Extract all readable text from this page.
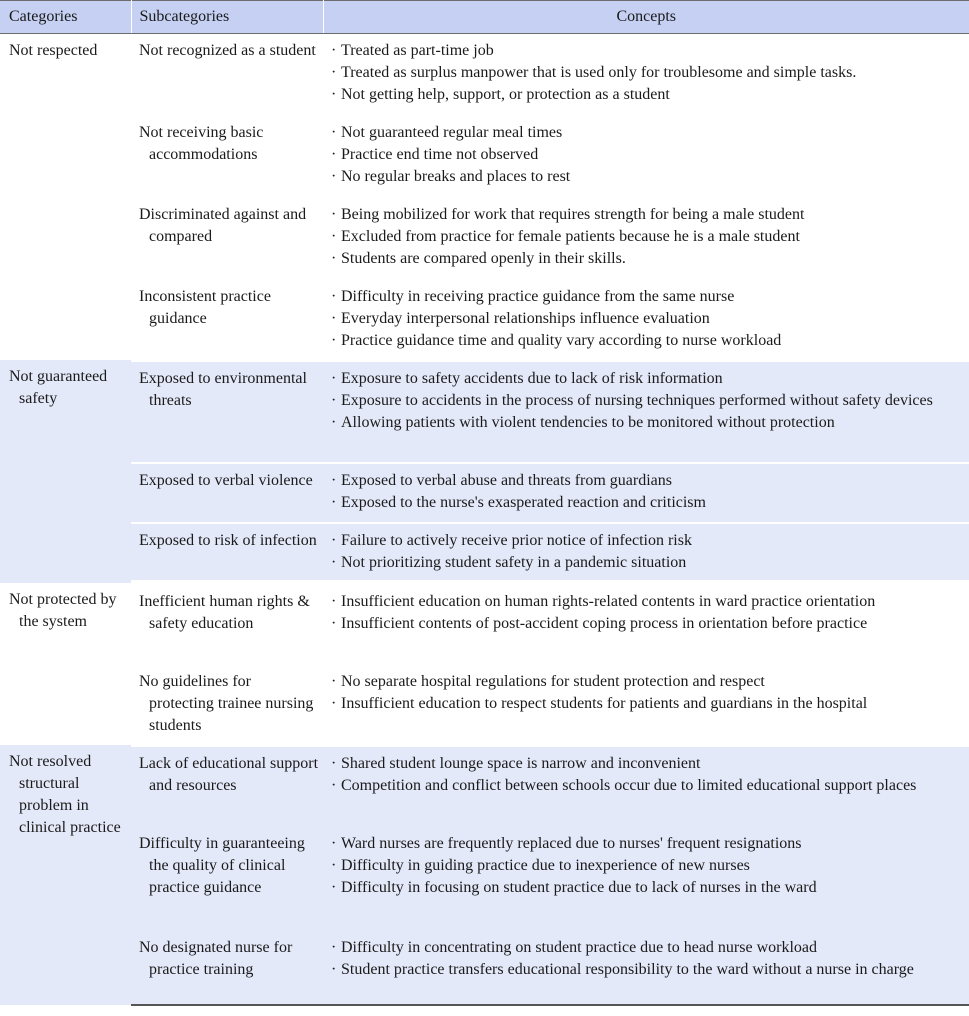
Categories	Subcategories	Concepts

Not respected	Not recognized as a student	· Treated as part-time job
· Treated as surplus manpower that is used only for troublesome and simple tasks.
· Not getting help, support, or protection as a student

	Not receiving basic accommodations	· Not guaranteed regular meal times
· Practice end time not observed
· No regular breaks and places to rest

	Discriminated against and compared	· Being mobilized for work that requires strength for being a male student
· Excluded from practice for female patients because he is a male student
· Students are compared openly in their skills.

	Inconsistent practice guidance	· Difficulty in receiving practice guidance from the same nurse
· Everyday interpersonal relationships influence evaluation
· Practice guidance time and quality vary according to nurse workload

Not guaranteed safety	Exposed to environmental threats	· Exposure to safety accidents due to lack of risk information
· Exposure to accidents in the process of nursing techniques performed without safety devices
· Allowing patients with violent tendencies to be monitored without protection

	Exposed to verbal violence	· Exposed to verbal abuse and threats from guardians
· Exposed to the nurse's exasperated reaction and criticism

	Exposed to risk of infection	· Failure to actively receive prior notice of infection risk
· Not prioritizing student safety in a pandemic situation

Not protected by the system	Inefficient human rights & safety education	· Insufficient education on human rights-related contents in ward practice orientation
· Insufficient contents of post-accident coping process in orientation before practice

	No guidelines for protecting trainee nursing students	· No separate hospital regulations for student protection and respect
· Insufficient education to respect students for patients and guardians in the hospital

Not resolved structural problem in clinical practice	Lack of educational support and resources	· Shared student lounge space is narrow and inconvenient
· Competition and conflict between schools occur due to limited educational support places

	Difficulty in guaranteeing the quality of clinical practice guidance	· Ward nurses are frequently replaced due to nurses' frequent resignations
· Difficulty in guiding practice due to inexperience of new nurses
· Difficulty in focusing on student practice due to lack of nurses in the ward

	No designated nurse for practice training	· Difficulty in concentrating on student practice due to head nurse workload
· Student practice transfers educational responsibility to the ward without a nurse in charge
